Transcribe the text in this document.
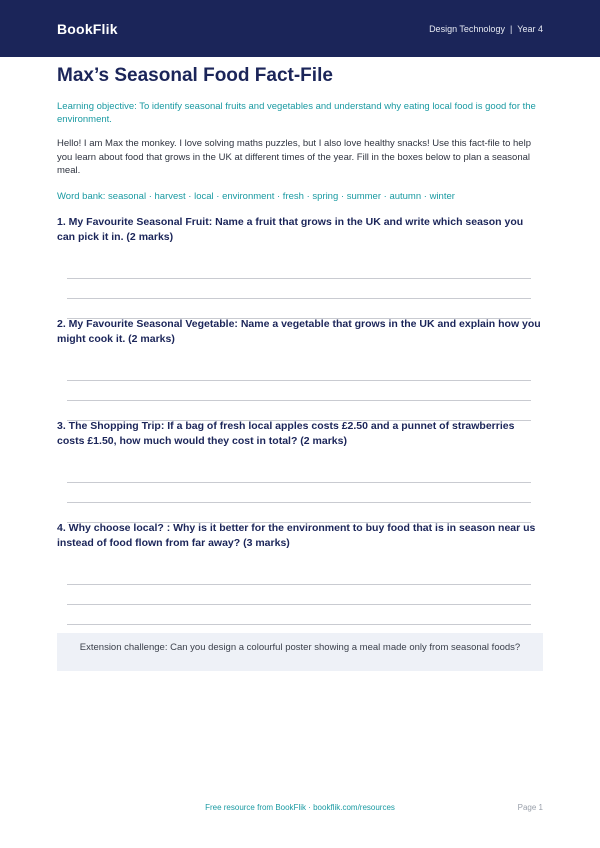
BookFlik	Design Technology | Year 4
Max’s Seasonal Food Fact-File
Learning objective: To identify seasonal fruits and vegetables and understand why eating local food is good for the environment.
Hello! I am Max the monkey. I love solving maths puzzles, but I also love healthy snacks! Use this fact-file to help you learn about food that grows in the UK at different times of the year. Fill in the boxes below to plan a seasonal meal.
Word bank: seasonal · harvest · local · environment · fresh · spring · summer · autumn · winter
1. My Favourite Seasonal Fruit: Name a fruit that grows in the UK and write which season you can pick it in. (2 marks)
2. My Favourite Seasonal Vegetable: Name a vegetable that grows in the UK and explain how you might cook it. (2 marks)
3. The Shopping Trip: If a bag of fresh local apples costs £2.50 and a punnet of strawberries costs £1.50, how much would they cost in total? (2 marks)
4. Why choose local? : Why is it better for the environment to buy food that is in season near us instead of food flown from far away? (3 marks)
Extension challenge: Can you design a colourful poster showing a meal made only from seasonal foods?
Free resource from BookFlik · bookflik.com/resources	Page 1
